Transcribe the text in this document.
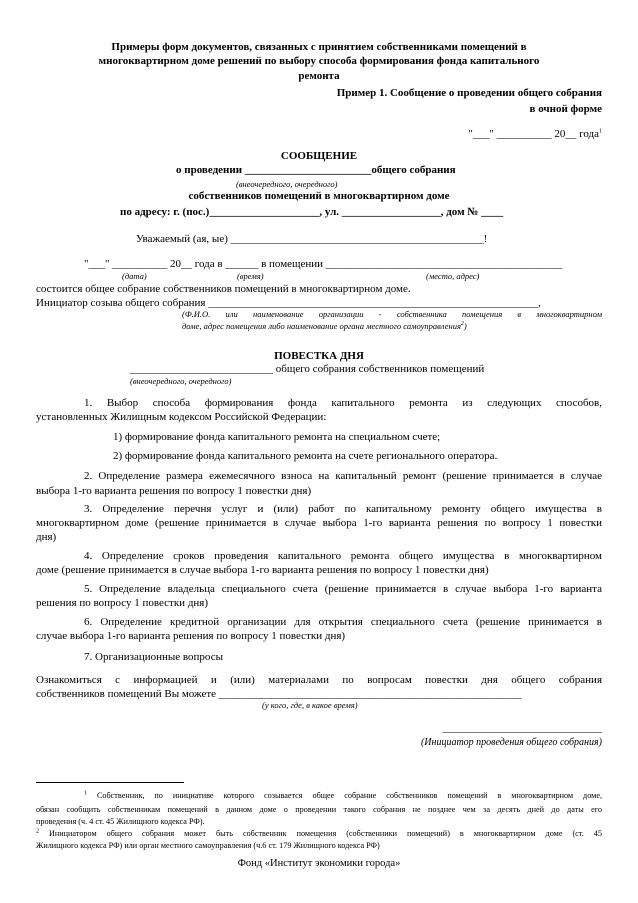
Примеры форм документов, связанных с принятием собственниками помещений в
многоквартирном доме решений по выбору способа формирования фонда капитального
ремонта
Пример 1. Сообщение о проведении общего собрания
в очной форме
"___" __________ 20__ года$^1$
СООБЩЕНИЕ
о проведении _______________________общего собрания
(внеочередного, очередного)
собственников помещений в многоквартирном доме
по адресу: г. (пос.)____________________, ул. __________________, дом № ____
Уважаемый (ая, ые) ______________________________________________!
"___" __________ 20__ года в ______ в помещении ___________________________________________
(дата)	(время)	(место, адрес)
состоится общее собрание собственников помещений в многоквартирном доме.
Инициатор созыва общего собрания ____________________________________________________________,
(Ф.И.О. или наименование организации - собственника помещения в многоквартирном
доме, адрес помещения либо наименование органа местного самоуправления$^2$)
ПОВЕСТКА ДНЯ
__________________________ общего собрания собственников помещений
(внеочередного, очередного)
1. Выбор способа формирования фонда капитального ремонта из следующих способов,
установленных Жилищным кодексом Российской Федерации:
1) формирование фонда капитального ремонта на специальном счете;
2) формирование фонда капитального ремонта на счете регионального оператора.
2. Определение размера ежемесячного взноса на капитальный ремонт (решение принимается в случае
выбора 1-го варианта решения по вопросу 1 повестки дня)
3. Определение перечня услуг и (или) работ по капитальному ремонту общего имущества в
многоквартирном доме (решение принимается в случае выбора 1-го варианта решения по вопросу 1 повестки
дня)
4. Определение сроков проведения капитального ремонта общего имущества в многоквартирном
доме (решение принимается в случае выбора 1-го варианта решения по вопросу 1 повестки дня)
5. Определение владельца специального счета (решение принимается в случае выбора 1-го варианта
решения по вопросу 1 повестки дня)
6. Определение кредитной организации для открытия специального счета (решение принимается в
случае выбора 1-го варианта решения по вопросу 1 повестки дня)
7. Организационные вопросы
Ознакомиться с информацией и (или) материалами по вопросам повестки дня общего собрания
собственников помещений Вы можете _______________________________________________________
(у кого, где, в какое время)
_____________________________
(Инициатор проведения общего собрания)
$^1$ Собственник, по инициативе которого созывается общее собрание собственников помещений в многоквартирном доме,
обязан сообщить собственникам помещений в данном доме о проведении такого собрания не позднее чем за десять дней до даты его
проведения (ч. 4 ст. 45 Жилищного кодекса РФ).
$^2$ Инициатором общего собрания может быть собственник помещения (собственники помещений) в многоквартирном доме (ст. 45
Жилищного кодекса РФ) или орган местного самоуправления (ч.6 ст. 179 Жилищного кодекса РФ)
Фонд «Институт экономики города»
